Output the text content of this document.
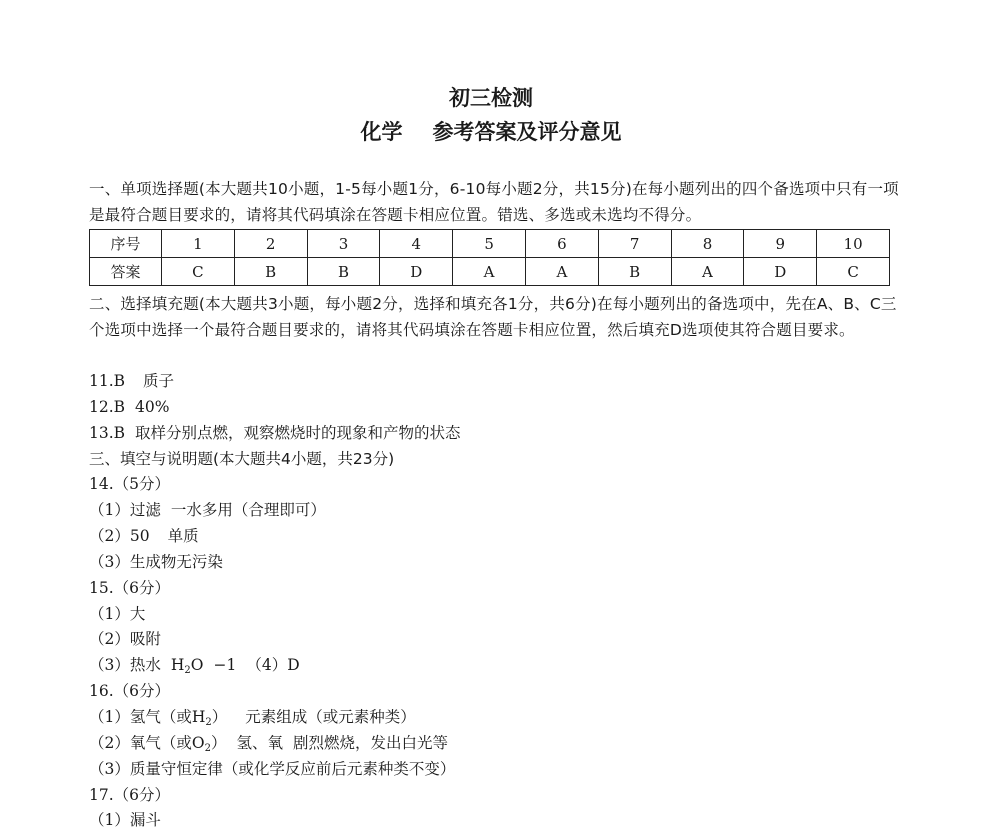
初三检测
化学 参考答案及评分意见
一、单项选择题(本大题共10小题，1-5每小题1分，6-10每小题2分，共15分)在每小题列出的四个备选项中只有一项是最符合题目要求的，请将其代码填涂在答题卡相应位置。错选、多选或未选均不得分。
序号	1	2	3	4	5	6	7	8	9	10
答案	C	B	B	D	A	A	B	A	D	C
二、选择填充题(本大题共3小题，每小题2分，选择和填充各1分，共6分)在每小题列出的备选项中，先在A、B、C三个选项中选择一个最符合题目要求的，请将其代码填涂在答题卡相应位置，然后填充D选项使其符合题目要求。
11.B 质子
12.B 40%
13.B 取样分别点燃，观察燃烧时的现象和产物的状态
三、填空与说明题(本大题共4小题，共23分)
14.（5分）
（1）过滤 一水多用（合理即可）
（2）50 单质
（3）生成物无污染
15.（6分）
（1）大
（2）吸附
（3）热水 $H_2O -1$ （4）D
16.（6分）
（1）氢气（或$H_2$） 元素组成（或元素种类）
（2）氧气（或$O_2$） 氢、氧 剧烈燃烧，发出白光等
（3）质量守恒定律（或化学反应前后元素种类不变）
17.（6分）
（1）漏斗
